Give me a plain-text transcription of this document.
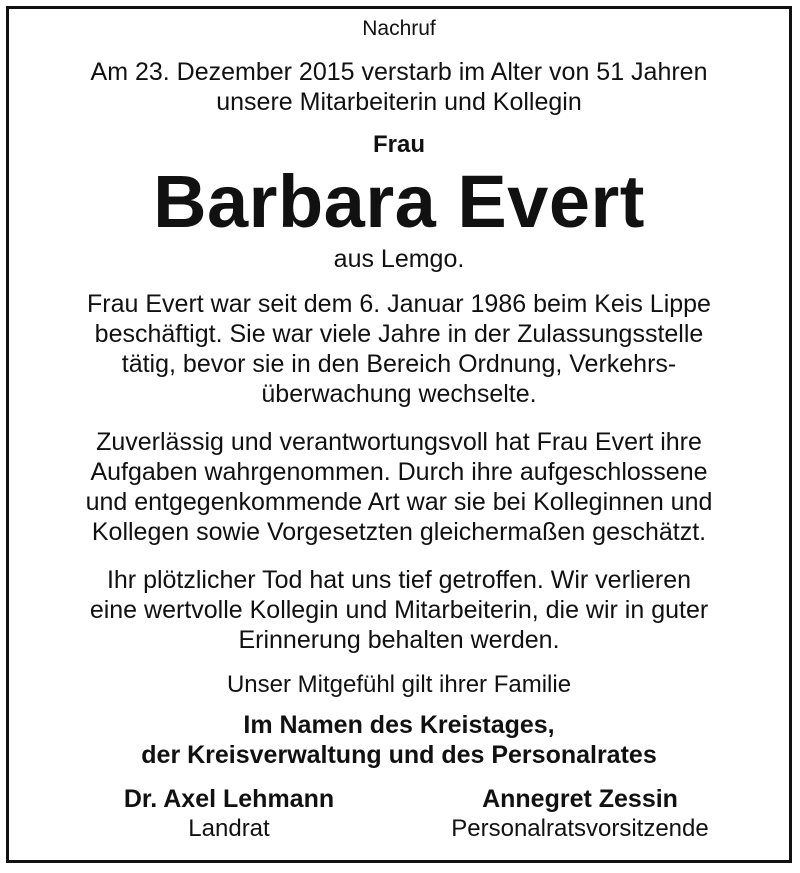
Nachruf
Am 23. Dezember 2015 verstarb im Alter von 51 Jahren
unsere Mitarbeiterin und Kollegin
Frau
Barbara Evert
aus Lemgo.
Frau Evert war seit dem 6. Januar 1986 beim Keis Lippe
beschäftigt. Sie war viele Jahre in der Zulassungsstelle
tätig, bevor sie in den Bereich Ordnung, Verkehrs-
überwachung wechselte.
Zuverlässig und verantwortungsvoll hat Frau Evert ihre
Aufgaben wahrgenommen. Durch ihre aufgeschlossene
und entgegenkommende Art war sie bei Kolleginnen und
Kollegen sowie Vorgesetzten gleichermaßen geschätzt.
Ihr plötzlicher Tod hat uns tief getroffen. Wir verlieren
eine wertvolle Kollegin und Mitarbeiterin, die wir in guter
Erinnerung behalten werden.
Unser Mitgefühl gilt ihrer Familie
Im Namen des Kreistages,
der Kreisverwaltung und des Personalrates
Dr. Axel Lehmann
Landrat
Annegret Zessin
Personalratsvorsitzende
